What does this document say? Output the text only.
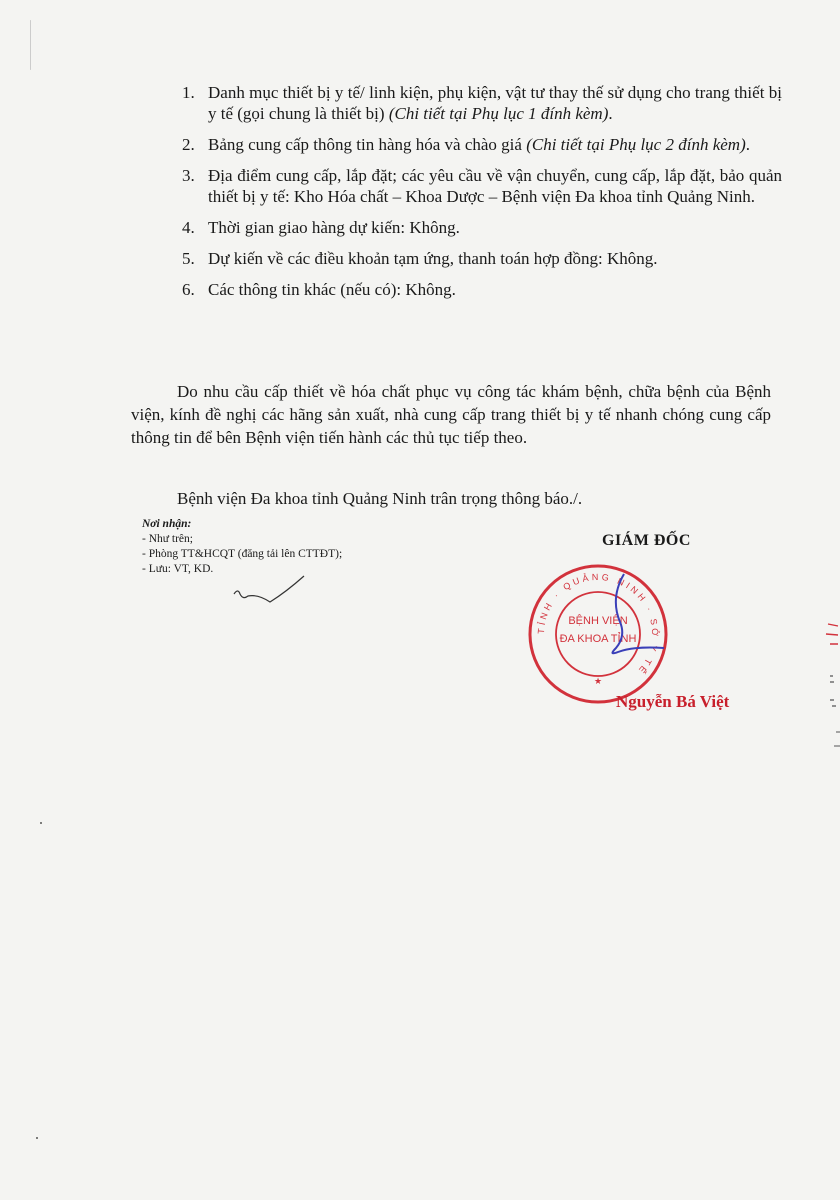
1. Danh mục thiết bị y tế/ linh kiện, phụ kiện, vật tư thay thế sử dụng cho trang thiết bị y tế (gọi chung là thiết bị) (Chi tiết tại Phụ lục 1 đính kèm).
2. Bảng cung cấp thông tin hàng hóa và chào giá (Chi tiết tại Phụ lục 2 đính kèm).
3. Địa điểm cung cấp, lắp đặt; các yêu cầu về vận chuyển, cung cấp, lắp đặt, bảo quản thiết bị y tế: Kho Hóa chất – Khoa Dược – Bệnh viện Đa khoa tỉnh Quảng Ninh.
4. Thời gian giao hàng dự kiến: Không.
5. Dự kiến về các điều khoản tạm ứng, thanh toán hợp đồng: Không.
6. Các thông tin khác (nếu có): Không.

Do nhu cầu cấp thiết về hóa chất phục vụ công tác khám bệnh, chữa bệnh của Bệnh viện, kính đề nghị các hãng sản xuất, nhà cung cấp trang thiết bị y tế nhanh chóng cung cấp thông tin để bên Bệnh viện tiến hành các thủ tục tiếp theo.

Bệnh viện Đa khoa tỉnh Quảng Ninh trân trọng thông báo./.

Nơi nhận:
- Như trên;
- Phòng TT&HCQT (đăng tải lên CTTĐT);
- Lưu: VT, KD.
GIÁM ĐỐC
TỈNH · QUẢNG NINH · SỞ Y TẾ
BỆNH VIỆN
ĐA KHOA TỈNH
★
Nguyễn Bá Việt
